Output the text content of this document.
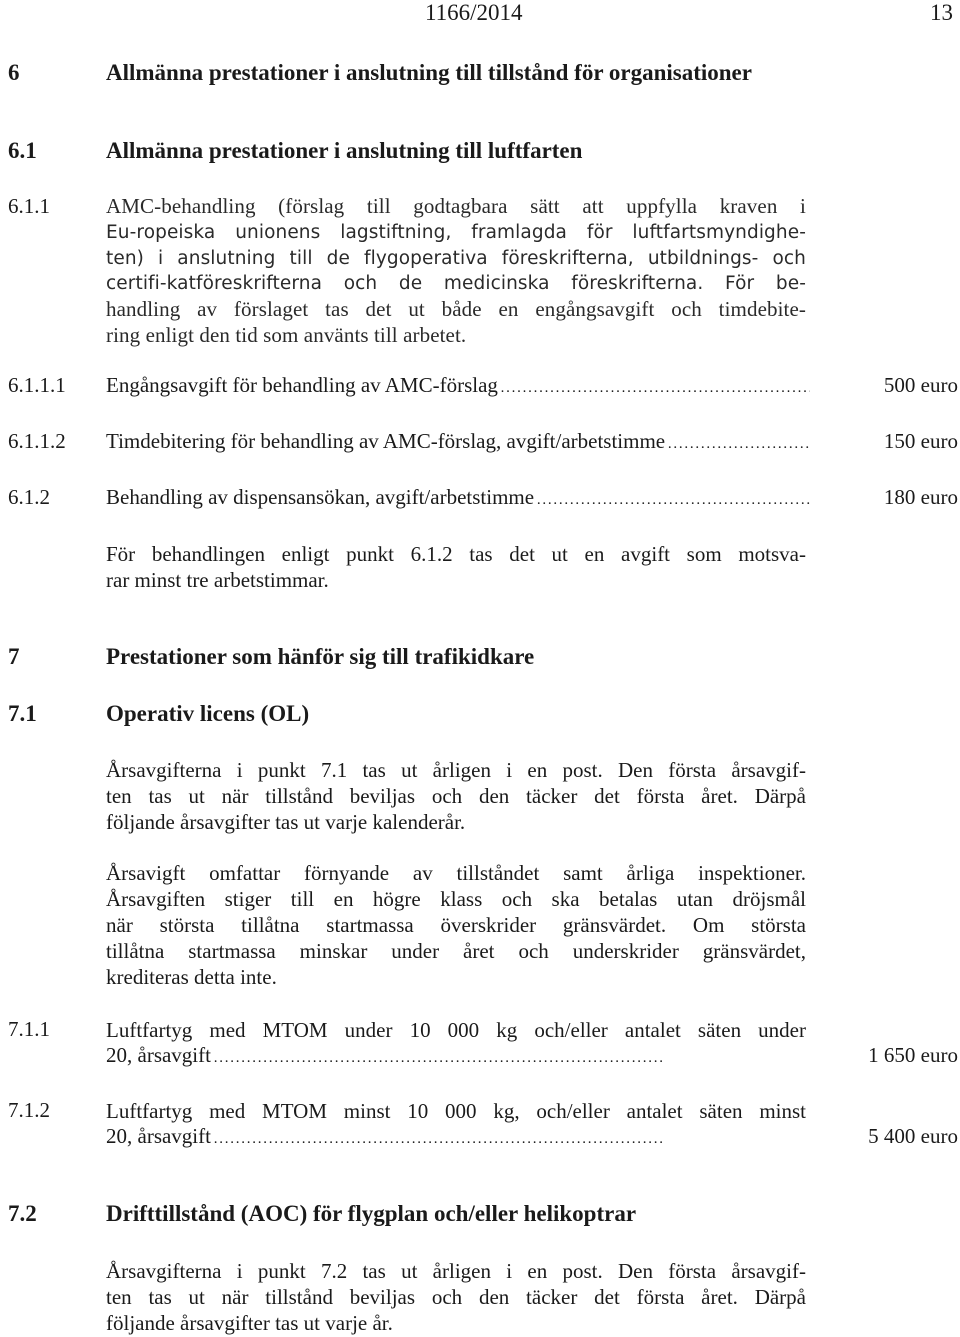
1166/2014	13
6	Allmänna prestationer i anslutning till tillstånd för organisationer
6.1	Allmänna prestationer i anslutning till luftfarten
6.1.1	AMC-behandling (förslag till godtagbara sätt att uppfylla kraven i
Eu-ropeiska unionens lagstiftning, framlagda för luftfartsmyndighe-
ten) i anslutning till de flygoperativa föreskrifterna, utbildnings- och
certifi-katföreskrifterna och de medicinska föreskrifterna. För be-
handling av förslaget tas det ut både en engångsavgift och timdebite-
ring enligt den tid som använts till arbetet.
6.1.1.1 Engångsavgift för behandling av AMC-förslag . . .	500 euro
6.1.1.2 Timdebitering för behandling av AMC-förslag, avgift/arbetstimme . . .	150 euro
6.1.2	Behandling av dispensansökan, avgift/arbetstimme . . .	180 euro
För behandlingen enligt punkt 6.1.2 tas det ut en avgift som motsva-
rar minst tre arbetstimmar.
7	Prestationer som hänför sig till trafikidkare
7.1	Operativ licens (OL)
Årsavgifterna i punkt 7.1 tas ut årligen i en post. Den första årsavgif-
ten tas ut när tillstånd beviljas och den täcker det första året. Därpå
följande årsavgifter tas ut varje kalenderår.
Årsavigft omfattar förnyande av tillståndet samt årliga inspektioner.
Årsavgiften stiger till en högre klass och ska betalas utan dröjsmål
när största tillåtna startmassa överskrider gränsvärdet. Om största
tillåtna startmassa minskar under året och underskrider gränsvärdet,
krediteras detta inte.
7.1.1	Luftfartyg med MTOM under 10 000 kg och/eller antalet säten under
20, årsavgift . . .	1 650 euro
7.1.2	Luftfartyg med MTOM minst 10 000 kg, och/eller antalet säten minst
20, årsavgift . . .	5 400 euro
7.2	Drifttillstånd (AOC) för flygplan och/eller helikoptrar
Årsavgifterna i punkt 7.2 tas ut årligen i en post. Den första årsavgif-
ten tas ut när tillstånd beviljas och den täcker det första året. Därpå
följande årsavgifter tas ut varje år.
